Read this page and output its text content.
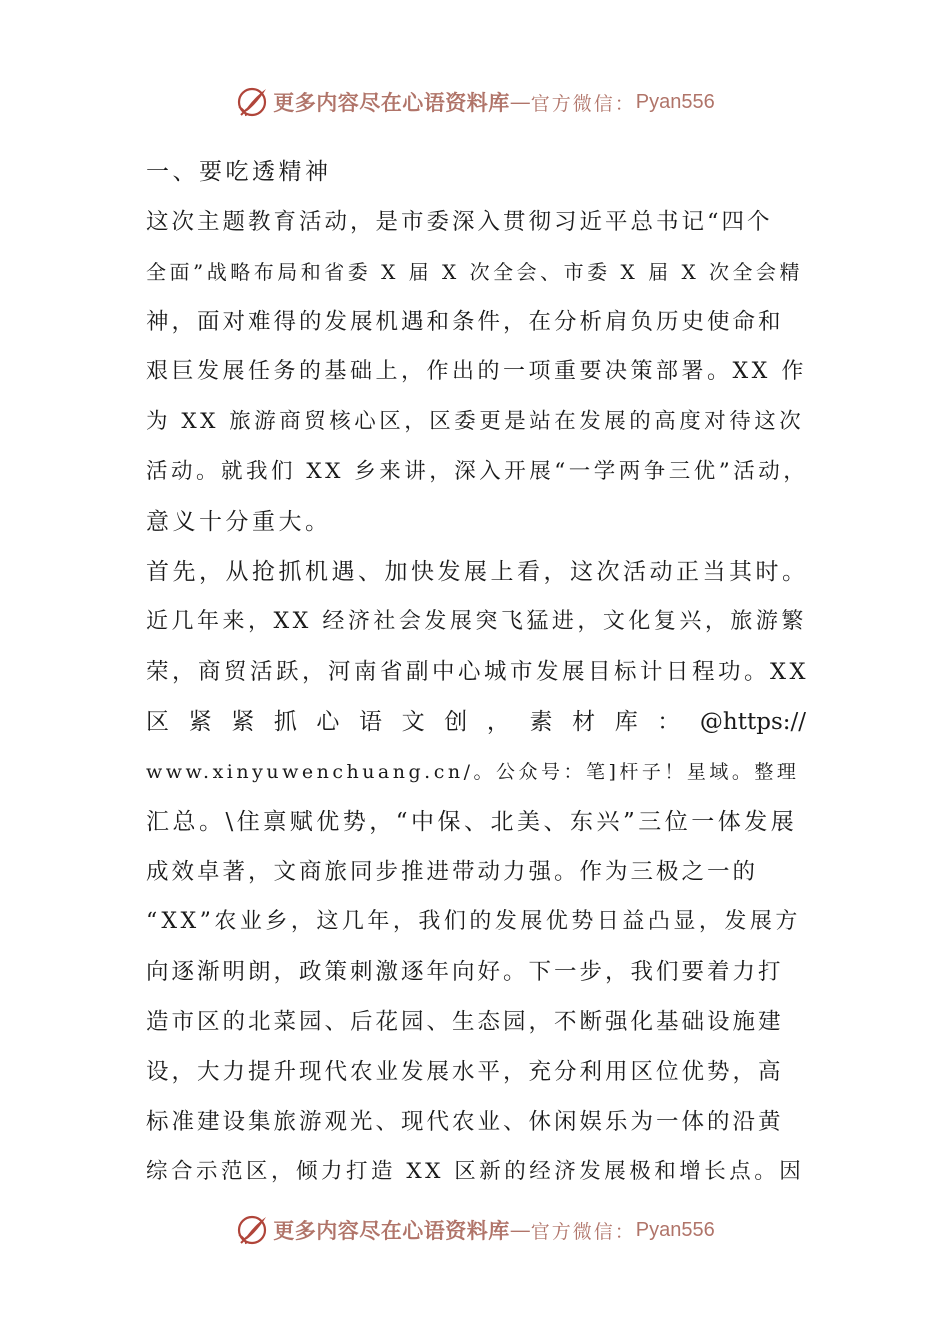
更多内容尽在心语资料库 — 官方微信： Pyan556
一、要吃透精神
这次主题教育活动，是市委深入贯彻习近平总书记“四个
全面”战略布局和省委 X 届 X 次全会、市委 X 届 X 次全会精
神，面对难得的发展机遇和条件，在分析肩负历史使命和
艰巨发展任务的基础上，作出的一项重要决策部署。XX 作
为 XX 旅游商贸核心区，区委更是站在发展的高度对待这次
活动。就我们 XX 乡来讲，深入开展“一学两争三优”活动，
意义十分重大。
首先，从抢抓机遇、加快发展上看，这次活动正当其时。
近几年来，XX 经济社会发展突飞猛进，文化复兴，旅游繁
荣，商贸活跃，河南省副中心城市发展目标计日程功。XX
区 紧 紧 抓 心 语 文 创 ， 素 材 库 ： @https://
www.xinyuwenchuang.cn/。公众号：笔]杆子！星域。整理
汇总。\住禀赋优势，“中保、北美、东兴”三位一体发展
成效卓著，文商旅同步推进带动力强。作为三极之一的
“XX”农业乡，这几年，我们的发展优势日益凸显，发展方
向逐渐明朗，政策刺激逐年向好。下一步，我们要着力打
造市区的北菜园、后花园、生态园，不断强化基础设施建
设，大力提升现代农业发展水平，充分利用区位优势，高
标准建设集旅游观光、现代农业、休闲娱乐为一体的沿黄
综合示范区，倾力打造 XX 区新的经济发展极和增长点。因
更多内容尽在心语资料库 — 官方微信： Pyan556
